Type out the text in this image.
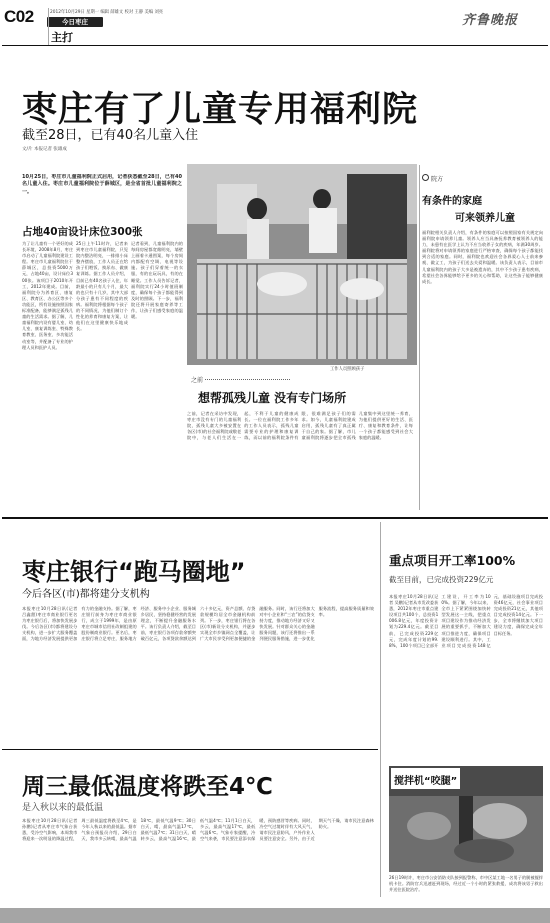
C02	2012年10月29日 星期一 编辑 薛雄文 校对 王静 美编 刘亮
今日枣庄
主打
齐鲁晚报
枣庄有了儿童专用福利院
截至28日，已有40名儿童入住
文/片 本报记者 张雄成
10月25日，枣庄市儿童福利院正式启用，记者获悉截至28日，已有40名儿童入住。枣庄市儿童福利院位于薛城区，是全省首批儿童福利院之一。
占地40亩设计床位300张
为了让儿童有一个更好的成长环境，2008年8月，枣庄市启动了儿童福利院建设工程。枣庄市儿童福利院位于薛城区，总投资5000万元，占地40亩，设计床位300张。该项目于2010年开工，2012年建成。目前，福利院分为养育区、康复区、教育区、办公区等多个功能区，所有设施按照国家标准配备，能够满足孤残儿童的生活需求。据了解，儿童福利院内设有婴儿室、幼儿室、康复训练室、特殊教育教室、医务室、多功能活动室等，并配备了专业的护理人员和医护人员。
25日上午11时许，记者来到枣庄市儿童福利院，只见院内整洁明亮，一排排小床整齐摆放，工作人员正在给孩子们喂饭、换尿布、做康复训练。据工作人员介绍，目前已有40名孩子入住，年龄最小的只有几个月，最大的也只有十几岁，其中大部分孩子患有不同程度的疾病。福利院将根据每个孩子的不同情况，为他们制订个性化的养育和康复方案，让他们在这里健康快乐地成长。
记者看到，儿童福利院内的每间房屋都宽敞明亮，墙壁上画着卡通图案，每个房间内都配有空调、电视等设施。孩子们穿着统一的衣服，有的在玩玩具，有的在睡觉。工作人员告诉记者，福利院实行24小时值班制度，确保每个孩子都能得到及时的照顾。下一步，福利院还将开展家庭寄养等工作，让孩子们感受家庭的温暖。
工作人员照顾孩子
之前
想帮孤残儿童 没有专门场所
之前，记者在采访中发现，枣庄市没有专门的儿童福利院，孤残儿童大多被安置在各区(市)的社会福利院或敬老院中，与老人们生活在一起，不利于儿童的健康成长。一位在福利院工作多年的工作人员表示，孤残儿童需要专业的护理和康复训练，而以前的福利院条件有限，很难满足孩子们的需求。如今，儿童福利院建成启用，孤残儿童有了真正属于自己的家。据了解，市儿童福利院将逐步把全市孤残儿童集中到这里统一养育，为他们提供更好的生活、医疗、康复和教育条件，让每一个孩子都能感受到社会大家庭的温暖。
院方
有条件的家庭
可来领养儿童
福利院相关负责人介绍，有条件的家庭可以按照国家有关规定向福利院申请领养儿童。领养人应当具备抚养教育被领养人的能力，未患有在医学上认为不应当收养子女的疾病，年满30周岁。福利院将对申请领养的家庭进行严格审查，确保每个孩子都能找到合适的家庭。同时，福利院也欢迎社会各界爱心人士前来参观、做义工，为孩子们送去关爱和温暖。该负责人表示，目前市儿童福利院内的孩子大多是被遗弃的，其中不少孩子患有疾病，希望社会各界能够给予更多的关心和帮助，让这些孩子能够健康成长。
枣庄银行“跑马圈地”
今后各区(市)都将建分支机构
本报枣庄10月28日讯(记者 吕鑫甜)枣庄市商业银行更名为枣庄银行后，将加快发展步伐。今后各区(市)都将建设分支机构，进一步扩大服务覆盖面，为地方经济发展提供更加有力的金融支持。据了解，枣庄银行前身为枣庄市商业银行，成立于1999年，是由原枣庄市城市信用社改制组建的股份制商业银行。更名后，枣庄银行将立足枣庄，服务地方经济、服务中小企业、服务城乡居民，坚持稳健经营的发展理念，不断提升金融服务水平。该行负责人介绍，截至目前，枣庄银行各项存款余额突破百亿元，各项贷款余额达到六十多亿元，资产总额、存贷款规模均居全市金融机构前列。下一步，枣庄银行将在各区(市)新设分支机构，并逐步实现全市乡镇网点全覆盖，让广大市民享受到更加便捷的金融服务。同时，该行还将加大对中小企业和“三农”的信贷支持力度，推动地方经济又好又快发展。针对群众关心的金融服务问题，该行还将推出一系列便民服务措施，进一步优化服务流程，提高服务质量和效率。
重点项目开工率100%
截至目前，已完成投资229亿元
本报枣庄10月28日讯(记者 吴鹏)记者从市发改委获悉，2012年枣庄市重点建设项目共100个，总投资1006.8亿元，年度投资计划为229.4亿元。截至目前，已完成投资229亿元，完成年度计划的99.8%，100个项目已全部开工建设，开工率为100%。据了解，今年以来，全市上下紧紧围绕加快转型发展这一主线，把重点项目建设作为推动经济发展的重要抓手，不断加大项目推进力度，确保项目建设顺利进行。其中，工业项目完成投资148亿元，基础设施项目完成投资46亿元，社会事业项目完成投资21亿元，其他项目完成投资14亿元。下一步，全市将继续加大项目建设力度，确保完成全年目标任务。
搅拌机“咬腿”
26日19时许，枣庄市公安消防支队接到报警称，市中区某工地一名男子的腿被搅拌机卡住。消防官兵迅速赶到现场，经过近一个小时的紧张救援，成功将该男子救出并送往医院治疗。
周三最低温度将跌至4℃
是入秋以来的最低温
本报枣庄10月28日讯(记者 孙鹏)记者从枣庄市气象台获悉，受冷空气影响，本周我市将迎来一次明显的降温过程，周三最低温度将跌至4℃，是今年入秋以来的最低温。据市气象台预报员介绍，29日白天，我市多云转晴，最高气温18℃，最低气温9℃；30日白天，晴，最高气温17℃，最低气温7℃；31日白天，晴转多云，最高气温16℃，最低气温4℃；11月1日白天，多云，最高气温17℃，最低气温6℃。气象专家提醒，冷空气来袭，市民要注意添衣保暖，预防感冒等疾病。同时，冷空气过境时伴有大风天气，请市民注意防风，户外作业人员要注意安全。另外，由于近期天气干燥，请市民注意森林防火。
